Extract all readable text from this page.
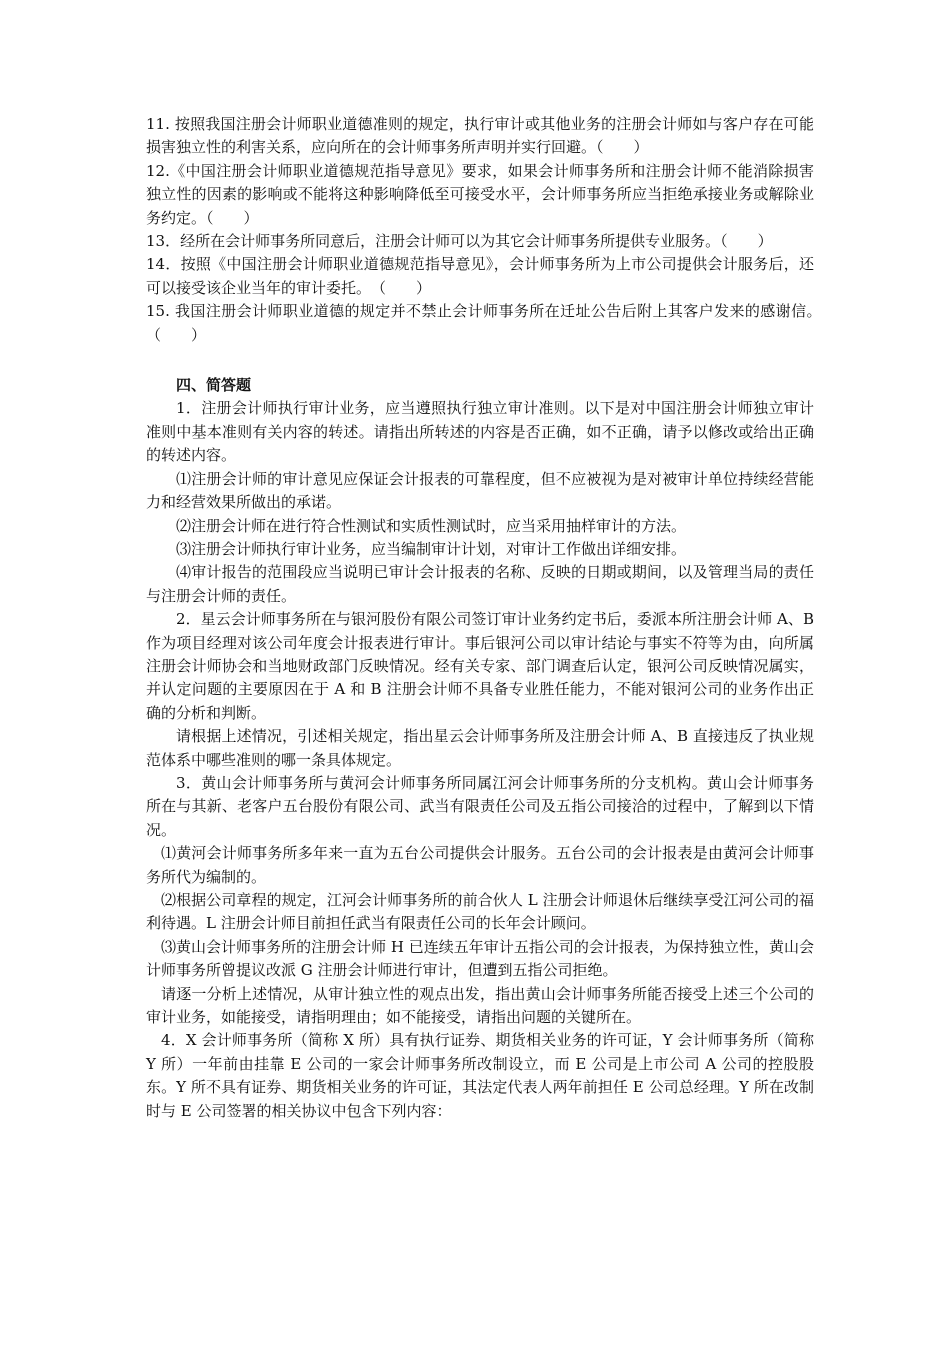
11. 按照我国注册会计师职业道德准则的规定，执行审计或其他业务的注册会计师如与客户存在可能损害独立性的利害关系，应向所在的会计师事务所声明并实行回避。（　　）

12.《中国注册会计师职业道德规范指导意见》要求，如果会计师事务所和注册会计师不能消除损害独立性的因素的影响或不能将这种影响降低至可接受水平，会计师事务所应当拒绝承接业务或解除业务约定。（　　）

13．经所在会计师事务所同意后，注册会计师可以为其它会计师事务所提供专业服务。（　　）

14．按照《中国注册会计师职业道德规范指导意见》，会计师事务所为上市公司提供会计服务后，还可以接受该企业当年的审计委托。　（　　）

15. 我国注册会计师职业道德的规定并不禁止会计师事务所在迁址公告后附上其客户发来的感谢信。　（　　）

四、简答题

1．注册会计师执行审计业务，应当遵照执行独立审计准则。以下是对中国注册会计师独立审计准则中基本准则有关内容的转述。请指出所转述的内容是否正确，如不正确，请予以修改或给出正确的转述内容。

⑴注册会计师的审计意见应保证会计报表的可靠程度，但不应被视为是对被审计单位持续经营能力和经营效果所做出的承诺。

⑵注册会计师在进行符合性测试和实质性测试时，应当采用抽样审计的方法。

⑶注册会计师执行审计业务，应当编制审计计划，对审计工作做出详细安排。

⑷审计报告的范围段应当说明已审计会计报表的名称、反映的日期或期间，以及管理当局的责任与注册会计师的责任。

2．星云会计师事务所在与银河股份有限公司签订审计业务约定书后，委派本所注册会计师 A、B 作为项目经理对该公司年度会计报表进行审计。事后银河公司以审计结论与事实不符等为由，向所属注册会计师协会和当地财政部门反映情况。经有关专家、部门调查后认定，银河公司反映情况属实，并认定问题的主要原因在于 A 和 B 注册会计师不具备专业胜任能力，不能对银河公司的业务作出正确的分析和判断。

请根据上述情况，引述相关规定，指出星云会计师事务所及注册会计师 A、B 直接违反了执业规范体系中哪些准则的哪一条具体规定。

3．黄山会计师事务所与黄河会计师事务所同属江河会计师事务所的分支机构。黄山会计师事务所在与其新、老客户五台股份有限公司、武当有限责任公司及五指公司接洽的过程中，了解到以下情况。

⑴黄河会计师事务所多年来一直为五台公司提供会计服务。五台公司的会计报表是由黄河会计师事务所代为编制的。

⑵根据公司章程的规定，江河会计师事务所的前合伙人 L 注册会计师退休后继续享受江河公司的福利待遇。L 注册会计师目前担任武当有限责任公司的长年会计顾问。

⑶黄山会计师事务所的注册会计师 H 已连续五年审计五指公司的会计报表，为保持独立性，黄山会计师事务所曾提议改派 G 注册会计师进行审计，但遭到五指公司拒绝。

请逐一分析上述情况，从审计独立性的观点出发，指出黄山会计师事务所能否接受上述三个公司的审计业务，如能接受，请指明理由；如不能接受，请指出问题的关键所在。

4．X 会计师事务所（简称 X 所）具有执行证券、期货相关业务的许可证，Y 会计师事务所（简称 Y 所）一年前由挂靠 E 公司的一家会计师事务所改制设立，而 E 公司是上市公司 A 公司的控股股东。Y 所不具有证券、期货相关业务的许可证，其法定代表人两年前担任 E 公司总经理。Y 所在改制时与 E 公司签署的相关协议中包含下列内容：
